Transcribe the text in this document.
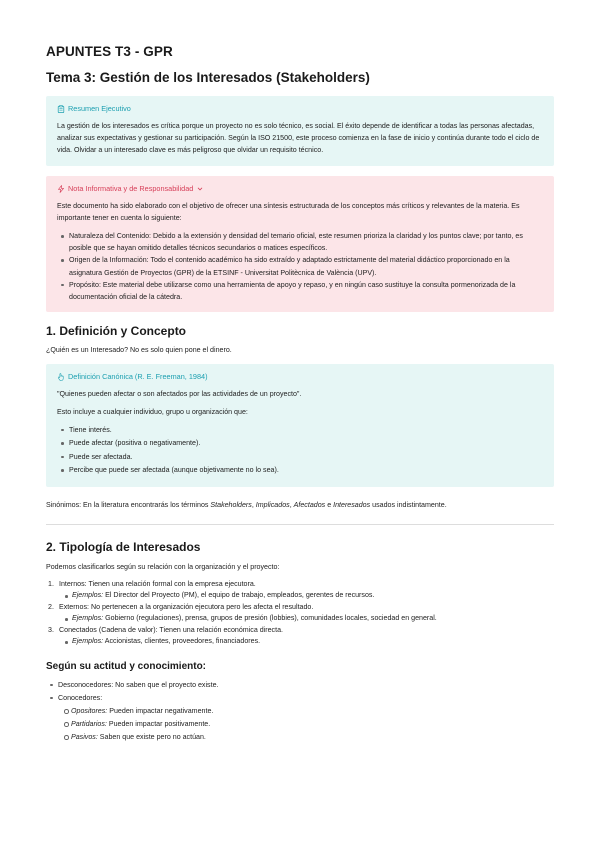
APUNTES T3 - GPR
Tema 3: Gestión de los Interesados (Stakeholders)
Resumen Ejecutivo

La gestión de los interesados es crítica porque un proyecto no es solo técnico, es social. El éxito depende de identificar a todas las personas afectadas, analizar sus expectativas y gestionar su participación. Según la ISO 21500, este proceso comienza en la fase de inicio y continúa durante todo el ciclo de vida. Olvidar a un interesado clave es más peligroso que olvidar un requisito técnico.

Nota Informativa y de Responsabilidad

Este documento ha sido elaborado con el objetivo de ofrecer una síntesis estructurada de los conceptos más críticos y relevantes de la materia. Es importante tener en cuenta lo siguiente:

Naturaleza del Contenido: Debido a la extensión y densidad del temario oficial, este resumen prioriza la claridad y los puntos clave; por tanto, es posible que se hayan omitido detalles técnicos secundarios o matices específicos.
Origen de la Información: Todo el contenido académico ha sido extraído y adaptado estrictamente del material didáctico proporcionado en la asignatura Gestión de Proyectos (GPR) de la ETSINF - Universitat Politècnica de València (UPV).
Propósito: Este material debe utilizarse como una herramienta de apoyo y repaso, y en ningún caso sustituye la consulta pormenorizada de la documentación oficial de la cátedra.
1. Definición y Concepto
¿Quién es un Interesado? No es solo quien pone el dinero.
Definición Canónica (R. E. Freeman, 1984)

"Quienes pueden afectar o son afectados por las actividades de un proyecto".

Esto incluye a cualquier individuo, grupo u organización que:

Tiene interés.
Puede afectar (positiva o negativamente).
Puede ser afectada.
Percibe que puede ser afectada (aunque objetivamente no lo sea).
Sinónimos: En la literatura encontrarás los términos Stakeholders, Implicados, Afectados e Interesados usados indistintamente.
2. Tipología de Interesados
Podemos clasificarlos según su relación con la organización y el proyecto:
1. Internos: Tienen una relación formal con la empresa ejecutora.
Ejemplos: El Director del Proyecto (PM), el equipo de trabajo, empleados, gerentes de recursos.
2. Externos: No pertenecen a la organización ejecutora pero les afecta el resultado.
Ejemplos: Gobierno (regulaciones), prensa, grupos de presión (lobbies), comunidades locales, sociedad en general.
3. Conectados (Cadena de valor): Tienen una relación económica directa.
Ejemplos: Accionistas, clientes, proveedores, financiadores.
Según su actitud y conocimiento:
Desconocedores: No saben que el proyecto existe.
Conocedores:
Opositores: Pueden impactar negativamente.
Partidarios: Pueden impactar positivamente.
Pasivos: Saben que existe pero no actúan.
